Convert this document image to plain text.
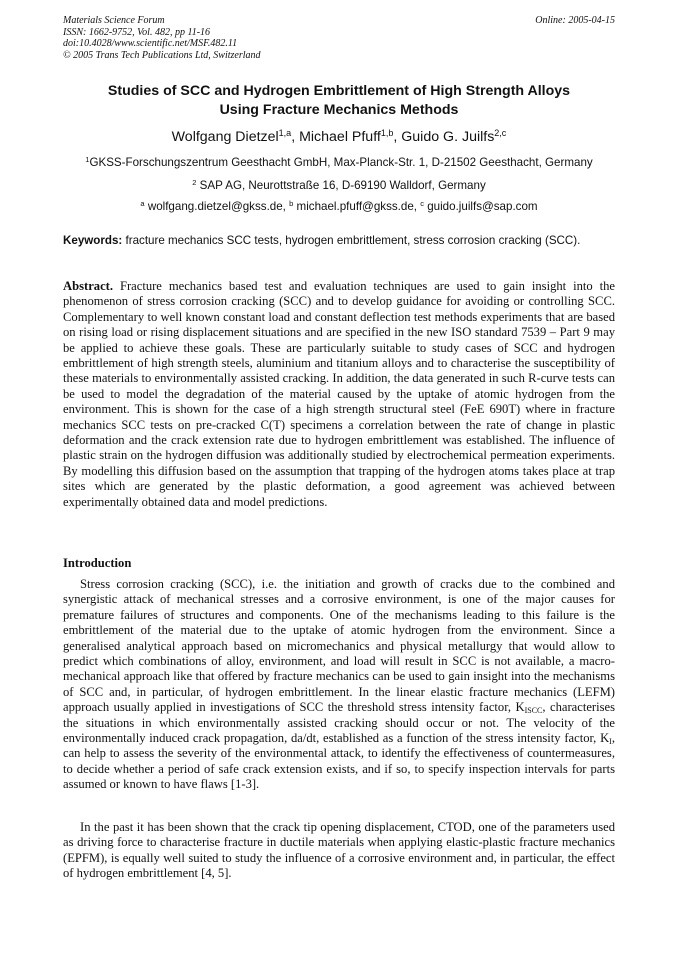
Materials Science Forum
ISSN: 1662-9752, Vol. 482, pp 11-16
doi:10.4028/www.scientific.net/MSF.482.11
© 2005 Trans Tech Publications Ltd, Switzerland
Online: 2005-04-15
Studies of SCC and Hydrogen Embrittlement of High Strength Alloys
Using Fracture Mechanics Methods
Wolfgang Dietzel$^{1,a}$, Michael Pfuff$^{1,b}$, Guido G. Juilfs$^{2,c}$
$^1$GKSS-Forschungszentrum Geesthacht GmbH, Max-Planck-Str. 1, D-21502 Geesthacht, Germany
$^2$ SAP AG, Neurottstraße 16, D-69190 Walldorf, Germany
$^a$ wolfgang.dietzel@gkss.de, $^b$ michael.pfuff@gkss.de, $^c$ guido.juilfs@sap.com
Keywords: fracture mechanics SCC tests, hydrogen embrittlement, stress corrosion cracking (SCC).
Abstract. Fracture mechanics based test and evaluation techniques are used to gain insight into the phenomenon of stress corrosion cracking (SCC) and to develop guidance for avoiding or controlling SCC. Complementary to well known constant load and constant deflection test methods experiments that are based on rising load or rising displacement situations and are specified in the new ISO standard 7539 – Part 9 may be applied to achieve these goals. These are particularly suitable to study cases of SCC and hydrogen embrittlement of high strength steels, aluminium and titanium alloys and to characterise the susceptibility of these materials to environmentally assisted cracking. In addition, the data generated in such R-curve tests can be used to model the degradation of the material caused by the uptake of atomic hydrogen from the environment. This is shown for the case of a high strength structural steel (FeE 690T) where in fracture mechanics SCC tests on pre-cracked C(T) specimens a correlation between the rate of change in plastic deformation and the crack extension rate due to hydrogen embrittlement was established. The influence of plastic strain on the hydrogen diffusion was additionally studied by electrochemical permeation experiments. By modelling this diffusion based on the assumption that trapping of the hydrogen atoms takes place at trap sites which are generated by the plastic deformation, a good agreement was achieved between experimentally obtained data and model predictions.
Introduction
Stress corrosion cracking (SCC), i.e. the initiation and growth of cracks due to the combined and synergistic attack of mechanical stresses and a corrosive environment, is one of the major causes for premature failures of structures and components. One of the mechanisms leading to this failure is the embrittlement of the material due to the uptake of atomic hydrogen from the environment. Since a generalised analytical approach based on micromechanics and physical metallurgy that would allow to predict which combinations of alloy, environment, and load will result in SCC is not available, a macro-mechanical approach like that offered by fracture mechanics can be used to gain insight into the mechanisms of SCC and, in particular, of hydrogen embrittlement. In the linear elastic fracture mechanics (LEFM) approach usually applied in investigations of SCC the threshold stress intensity factor, $K_{ISCC}$, characterises the situations in which environmentally assisted cracking should occur or not. The velocity of the environmentally induced crack propagation, da/dt, established as a function of the stress intensity factor, $K_I$, can help to assess the severity of the environmental attack, to identify the effectiveness of countermeasures, to decide whether a period of safe crack extension exists, and if so, to specify inspection intervals for parts assumed or known to have flaws [1-3].
In the past it has been shown that the crack tip opening displacement, CTOD, one of the parameters used as driving force to characterise fracture in ductile materials when applying elastic-plastic fracture mechanics (EPFM), is equally well suited to study the influence of a corrosive environment and, in particular, the effect of hydrogen embrittlement [4, 5].
